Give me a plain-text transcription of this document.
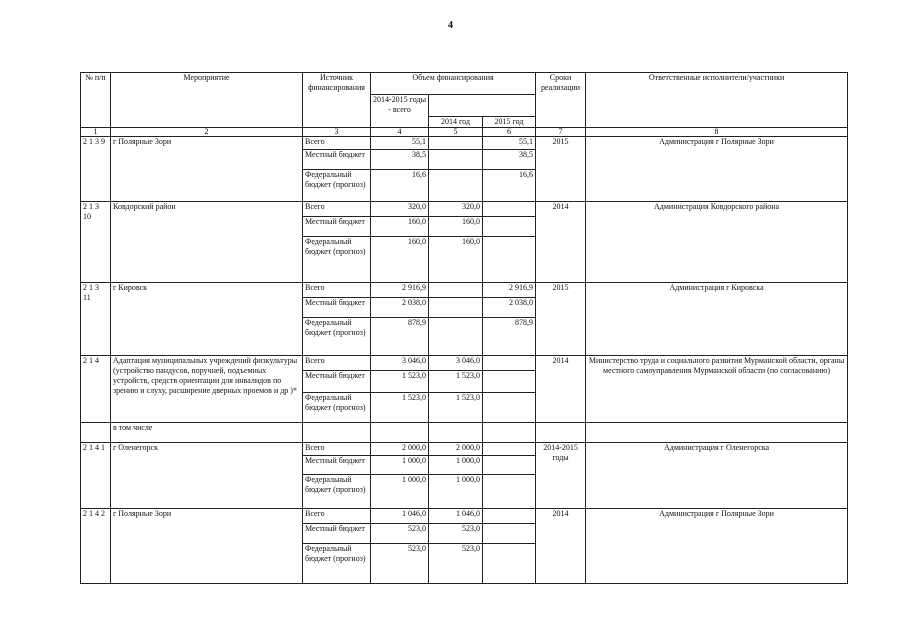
4
№ п/п	Мероприятие	Источник финансирования	Объем финансирования			Сроки реализации	Ответственные исполнители/участники
			2014-2015 годы - всего				
				2014 год	2015 год		
1	2	3	4	5	6	7	8
2 1 3 9	г Полярные Зори	Всего	55,1		55,1	2015	Администрация г Полярные Зори
		Местный бюджет	38,5		38,5		
		Федеральный бюджет (прогноз)	16,6		16,6		
2 1 3 10	Ковдорский район	Всего	320,0	320,0		2014	Администрация Ковдорского района
		Местный бюджет	160,0	160,0			
		Федеральный бюджет (прогноз)	160,0	160,0			
2 1 3 11	г Кировск	Всего	2 916,9		2 916,9	2015	Администрация г Кировска
		Местный бюджет	2 038,0		2 038,0		
		Федеральный бюджет (прогноз)	878,9		878,9		
2 1 4	Адаптация муниципальных учреждений физкультуры (устройство пандусов, поручней, подъемных устройств, средств ориентации для инвалидов по зрению и слуху, расширение дверных проемов и др )*	Всего	3 046,0	3 046,0		2014	Министерство труда и социального развития Мурманской области, органы местного самоуправления Мурманской области (по согласованию)
		Местный бюджет	1 523,0	1 523,0			
		Федеральный бюджет (прогноз)	1 523,0	1 523,0			
	в том числе						
2 1 4 1	г Оленегорск	Всего	2 000,0	2 000,0		2014-2015 годы	Администрация г Оленегорска
		Местный бюджет	1 000,0	1 000,0			
		Федеральный бюджет (прогноз)	1 000,0	1 000,0			
2 1 4 2	г Полярные Зори	Всего	1 046,0	1 046,0		2014	Администрация г Полярные Зори
		Местный бюджет	523,0	523,0			
		Федеральный бюджет (прогноз)	523,0	523,0			
